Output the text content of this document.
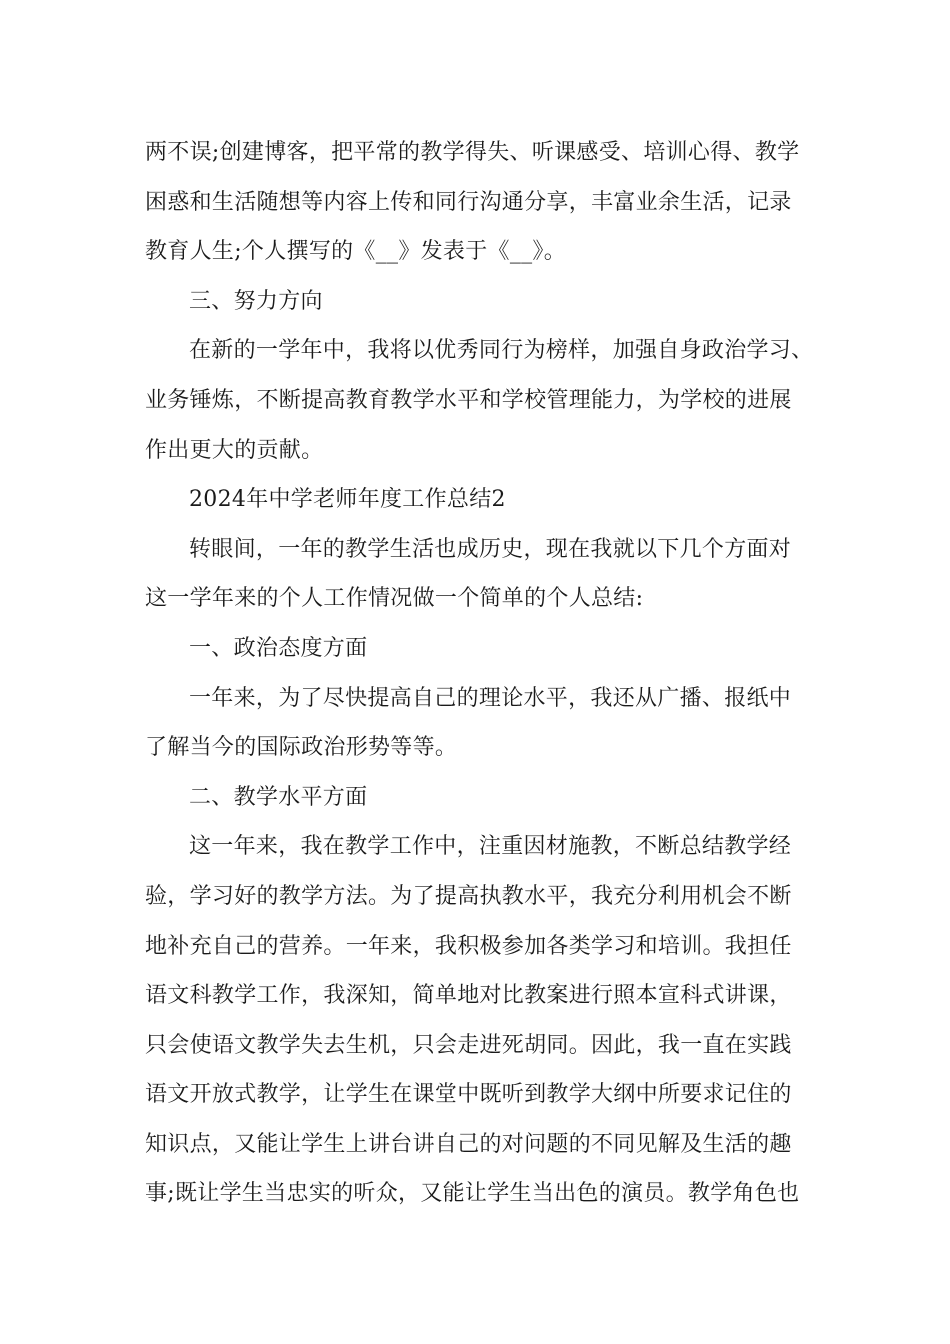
两不误;创建博客，把平常的教学得失、听课感受、培训心得、教学
困惑和生活随想等内容上传和同行沟通分享，丰富业余生活，记录
教育人生;个人撰写的《__》发表于《__》。
三、努力方向
在新的一学年中，我将以优秀同行为榜样，加强自身政治学习、
业务锤炼，不断提高教育教学水平和学校管理能力，为学校的进展
作出更大的贡献。
2024年中学老师年度工作总结2
转眼间，一年的教学生活也成历史，现在我就以下几个方面对
这一学年来的个人工作情况做一个简单的个人总结:
一、政治态度方面
一年来，为了尽快提高自己的理论水平，我还从广播、报纸中
了解当今的国际政治形势等等。
二、教学水平方面
这一年来，我在教学工作中，注重因材施教，不断总结教学经
验，学习好的教学方法。为了提高执教水平，我充分利用机会不断
地补充自己的营养。一年来，我积极参加各类学习和培训。我担任
语文科教学工作，我深知，简单地对比教案进行照本宣科式讲课，
只会使语文教学失去生机，只会走进死胡同。因此，我一直在实践
语文开放式教学，让学生在课堂中既听到教学大纲中所要求记住的
知识点，又能让学生上讲台讲自己的对问题的不同见解及生活的趣
事;既让学生当忠实的听众，又能让学生当出色的演员。教学角色也
